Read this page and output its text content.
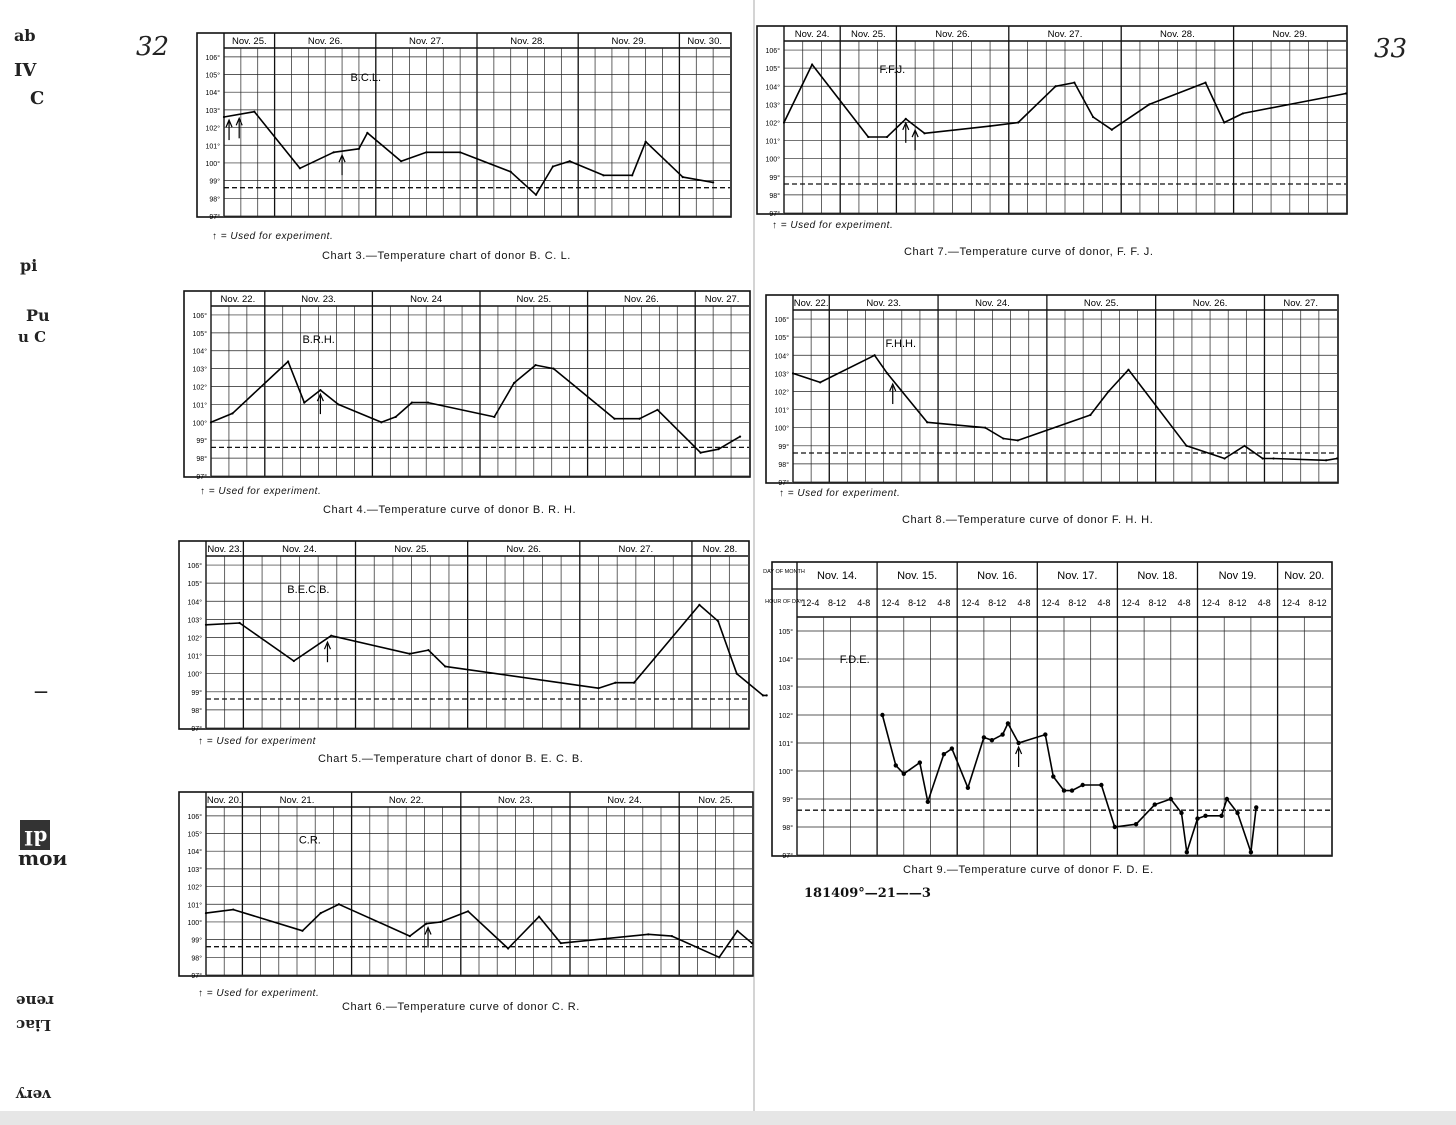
32	33
ab
IV
C
pi
Pu
u C
—
dI
ᴎᴏɯ
rene
Liac
very
Nov. 25.	Nov. 26.	Nov. 27.	Nov. 28.	Nov. 29.	Nov. 30.
106°
105°
104°
103°
102°
101°
100°
99°
98°
97°
B.C.L.
↑ = Used for experiment.
Chart 3.—Temperature chart of donor B. C. L.
Nov. 24. Nov. 25.	Nov. 26.	Nov. 27.	Nov. 28.	Nov. 29.
106°
105°
104°
103°
102°
101°
100°
99°
98°
97°
F.F.J.
↑ = Used for experiment.
Chart 7.—Temperature curve of donor, F. F. J.
Nov. 22.	Nov. 23.	Nov. 24	Nov. 25.	Nov. 26.	Nov. 27.
106°
105°
104°
103°
102°
101°
100°
99°
98°
97°
B.R.H.
↑ = Used for experiment.
Chart 4.—Temperature curve of donor B. R. H.
Nov. 22.	Nov. 23.	Nov. 24.	Nov. 25.	Nov. 26.	Nov. 27.
106°
105°
104°
103°
102°
101°
100°
99°
98°
97°
F.H.H.
↑ = Used for experiment.
Chart 8.—Temperature curve of donor F. H. H.
Nov. 23.	Nov. 24.	Nov. 25.	Nov. 26.	Nov. 27.	Nov. 28.
106°
105°
104°
103°
102°
101°
100°
99°
98°
97°
B.E.C.B.
↑ = Used for experiment
Chart 5.—Temperature chart of donor B. E. C. B.
Nov. 20.	Nov. 21.	Nov. 22.	Nov. 23.	Nov. 24.	Nov. 25.
106°
105°
104°
103°
102°
101°
100°
99°
98°
97°
C.R.
↑ = Used for experiment.
Chart 6.—Temperature curve of donor C. R.
Nov. 14.	Nov. 15.	Nov. 16.	Nov. 17.	Nov. 18.	Nov 19.	Nov. 20.
12-4 8-12 4-8 12-4 8-12 4-8 12-4 8-12 4-8 12-4 8-12 4-8 12-4 8-12 4-8 12-4 8-12 4-8 12-4 8-12
DAY OF MONTH
HOUR OF DAY
105°
104°
103°
102°
101°
100°
99°
98°
97°
F.D.E.
Chart 9.—Temperature curve of donor F. D. E.
181409°—21——3
